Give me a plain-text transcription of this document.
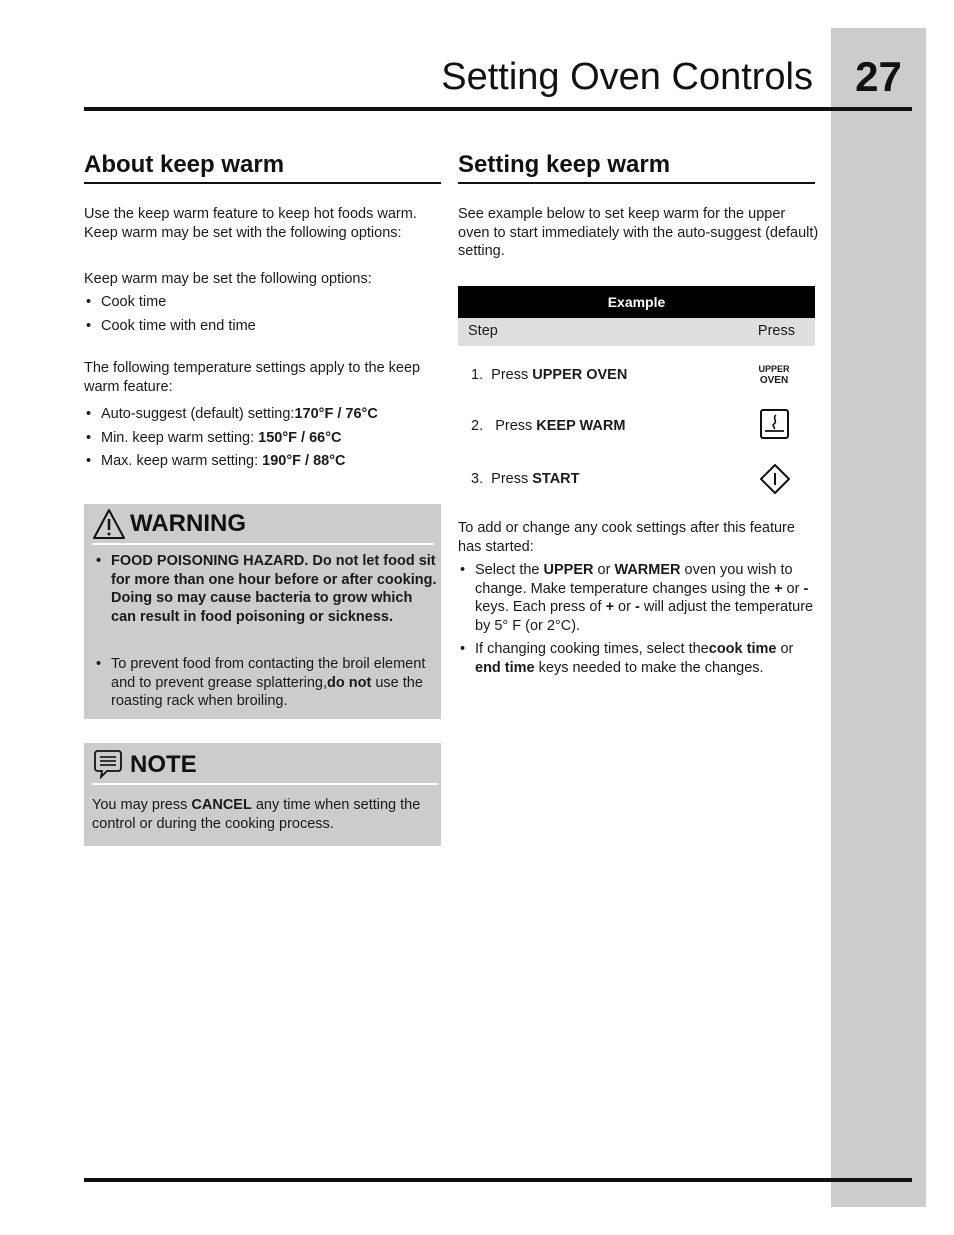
Setting Oven Controls	27
About keep warm
Use the keep warm feature to keep hot foods warm. Keep warm may be set with the following options:
Keep warm may be set the following options:
• Cook time
• Cook time with end time
The following temperature settings apply to the keep warm feature:
• Auto-suggest (default) setting:170°F / 76°C
• Min. keep warm setting: 150°F / 66°C
• Max. keep warm setting: 190°F / 88°C
WARNING
• FOOD POISONING HAZARD. Do not let food sit for more than one hour before or after cooking. Doing so may cause bacteria to grow which can result in food poisoning or sickness.
• To prevent food from contacting the broil element and to prevent grease splattering,do not use the roasting rack when broiling.
NOTE
You may press CANCEL any time when setting the control or during the cooking process.
Setting keep warm
See example below to set keep warm for the upper oven to start immediately with the auto-suggest (default) setting.
Example
Step	Press
1. Press UPPER OVEN	UPPER
OVEN
2. Press KEEP WARM
3. Press START
To add or change any cook settings after this feature has started:
• Select the UPPER or WARMER oven you wish to change. Make temperature changes using the + or - keys. Each press of + or - will adjust the temperature by 5° F (or 2°C).
• If changing cooking times, select thecook time or end time keys needed to make the changes.
